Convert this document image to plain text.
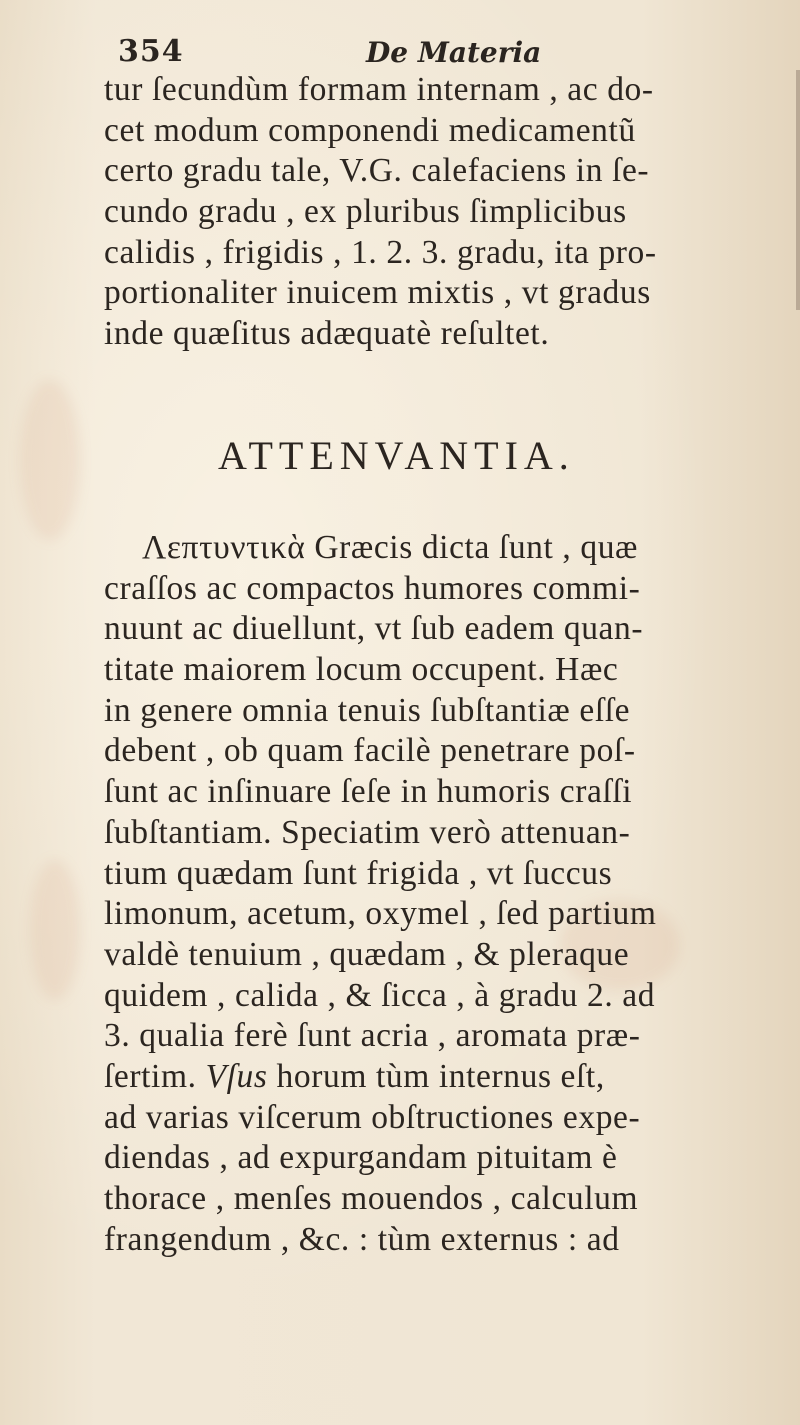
354	De Materia

tur ſecundùm formam internam , ac do-
cet modum componendi medicamentũ
certo gradu tale, V.G. calefaciens in ſe-
cundo gradu , ex pluribus ſimplicibus
calidis , frigidis , 1. 2. 3. gradu, ita pro-
portionaliter inuicem mixtis , vt gradus
inde quæſitus adæquatè reſultet.

ATTENVANTIA.

Λεπτυντικὰ Græcis dicta ſunt , quæ
craſſos ac compactos humores commi-
nuunt ac diuellunt, vt ſub eadem quan-
titate maiorem locum occupent. Hæc
in genere omnia tenuis ſubſtantiæ eſſe
debent , ob quam facilè penetrare poſ-
ſunt ac inſinuare ſeſe in humoris craſſi
ſubſtantiam. Speciatim verò attenuan-
tium quædam ſunt frigida , vt ſuccus
limonum, acetum, oxymel , ſed partium
valdè tenuium , quædam , & pleraque
quidem , calida , & ſicca , à gradu 2. ad
3. qualia ferè ſunt acria , aromata præ-
ſertim. Vſus horum tùm internus eſt,
ad varias viſcerum obſtructiones expe-
diendas , ad expurgandam pituitam è
thorace , menſes mouendos , calculum
frangendum , &c. : tùm externus : ad
